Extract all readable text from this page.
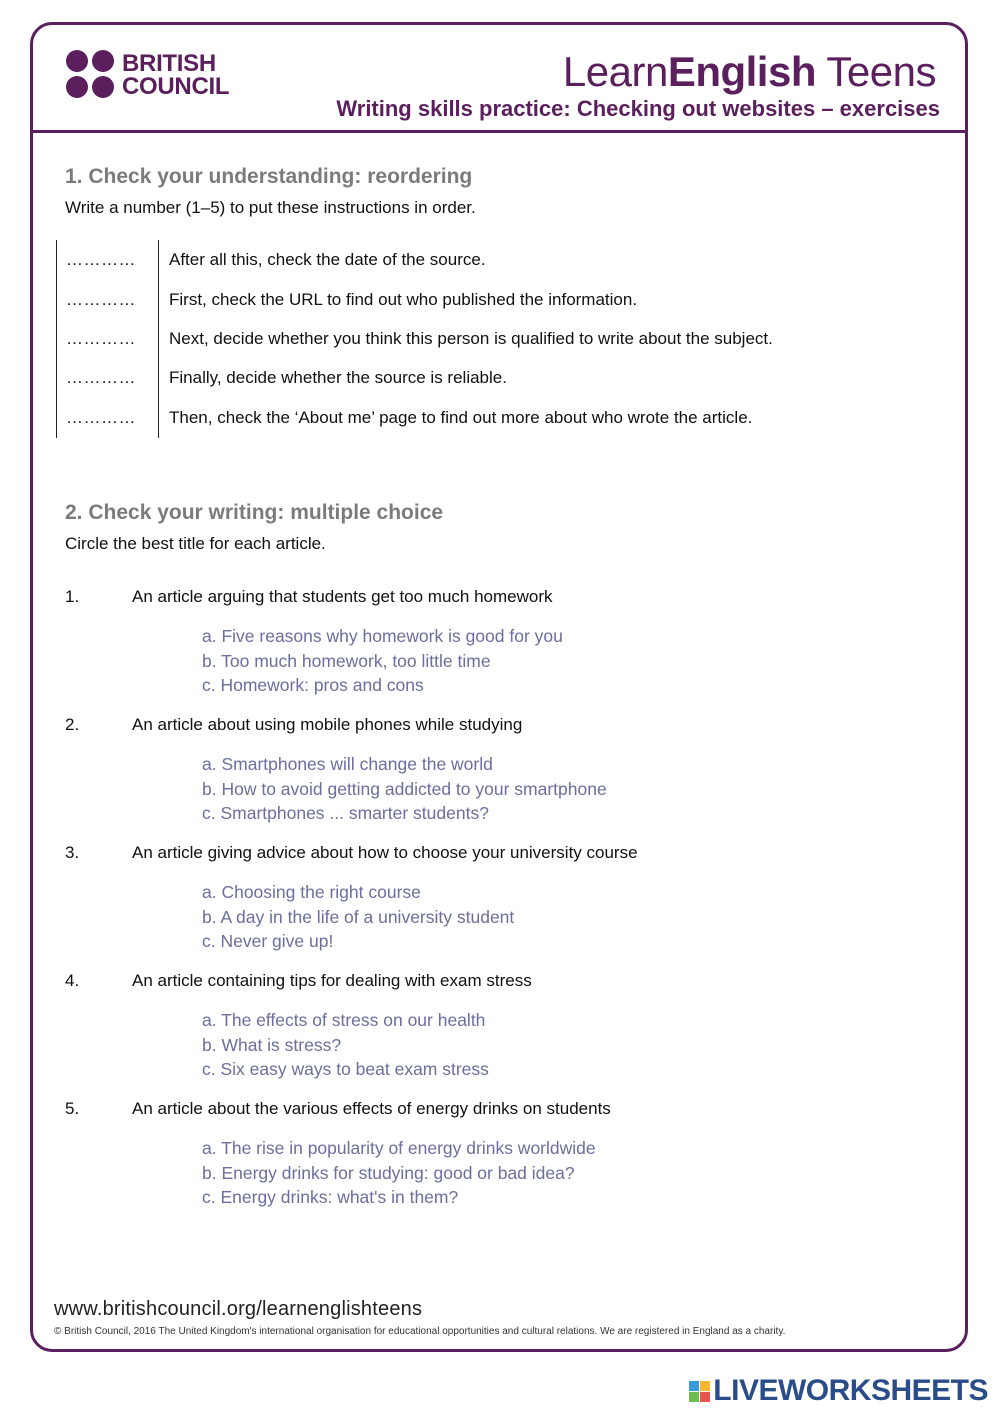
BRITISH
COUNCIL	LearnEnglish Teens
Writing skills practice: Checking out websites – exercises
1. Check your understanding: reordering
Write a number (1–5) to put these instructions in order.
………… After all this, check the date of the source.
………… First, check the URL to find out who published the information.
………… Next, decide whether you think this person is qualified to write about the subject.
………… Finally, decide whether the source is reliable.
………… Then, check the ‘About me’ page to find out more about who wrote the article.
2. Check your writing: multiple choice
Circle the best title for each article.
1.	An article arguing that students get too much homework
a. Five reasons why homework is good for you
b. Too much homework, too little time
c. Homework: pros and cons
2.	An article about using mobile phones while studying
a. Smartphones will change the world
b. How to avoid getting addicted to your smartphone
c. Smartphones ... smarter students?
3.	An article giving advice about how to choose your university course
a. Choosing the right course
b. A day in the life of a university student
c. Never give up!
4.	An article containing tips for dealing with exam stress
a. The effects of stress on our health
b. What is stress?
c. Six easy ways to beat exam stress
5.	An article about the various effects of energy drinks on students
a. The rise in popularity of energy drinks worldwide
b. Energy drinks for studying: good or bad idea?
c. Energy drinks: what's in them?
www.britishcouncil.org/learnenglishteens
© British Council, 2016 The United Kingdom's international organisation for educational opportunities and cultural relations. We are registered in England as a charity.
LIVEWORKSHEETS
